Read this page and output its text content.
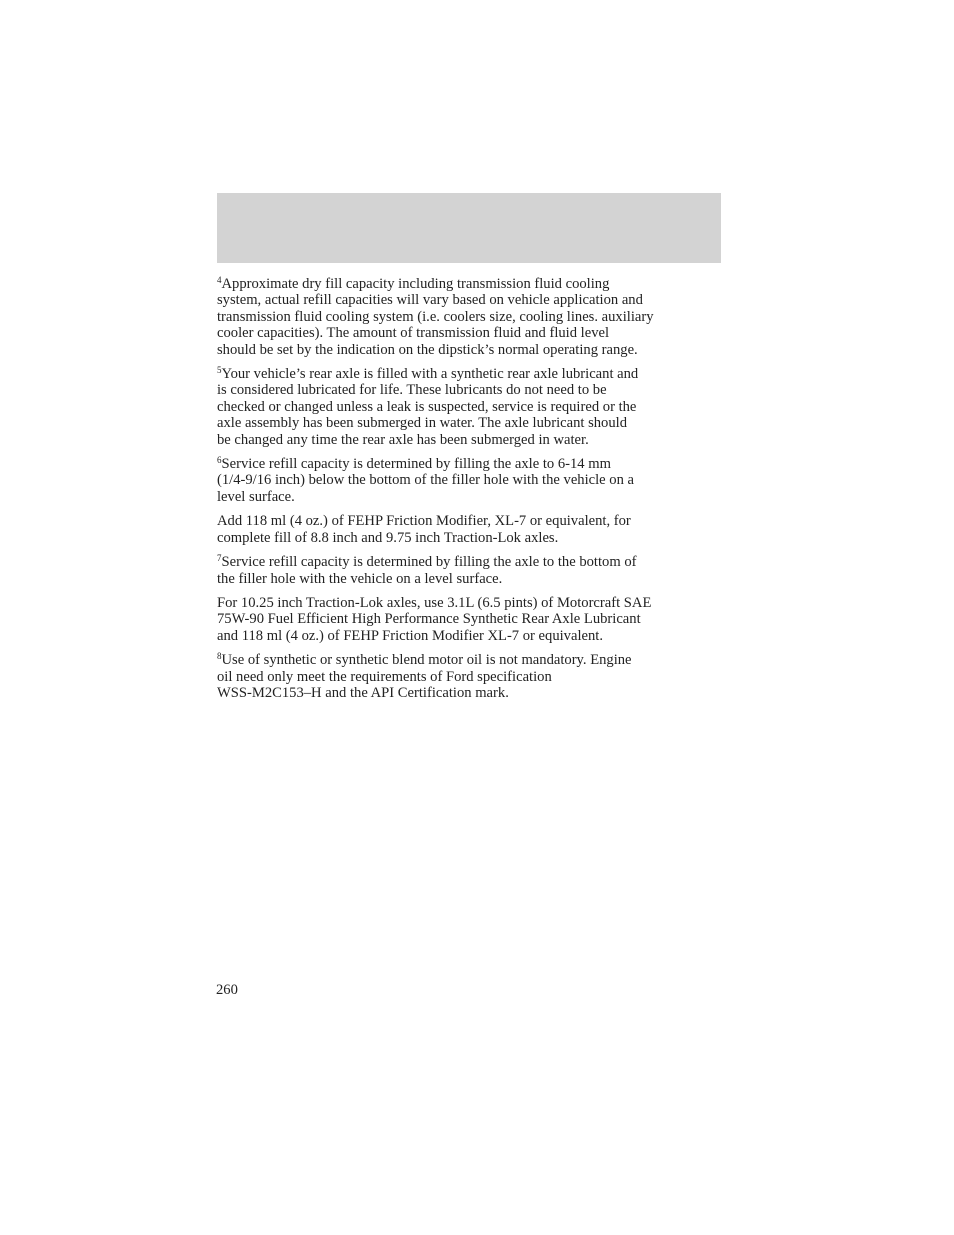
$^4$Approximate dry fill capacity including transmission fluid cooling
system, actual refill capacities will vary based on vehicle application and
transmission fluid cooling system (i.e. coolers size, cooling lines. auxiliary
cooler capacities). The amount of transmission fluid and fluid level
should be set by the indication on the dipstick’s normal operating range.

$^5$Your vehicle’s rear axle is filled with a synthetic rear axle lubricant and
is considered lubricated for life. These lubricants do not need to be
checked or changed unless a leak is suspected, service is required or the
axle assembly has been submerged in water. The axle lubricant should
be changed any time the rear axle has been submerged in water.

$^6$Service refill capacity is determined by filling the axle to 6-14 mm
(1/4-9/16 inch) below the bottom of the filler hole with the vehicle on a
level surface.

Add 118 ml (4 oz.) of FEHP Friction Modifier, XL-7 or equivalent, for
complete fill of 8.8 inch and 9.75 inch Traction-Lok axles.

$^7$Service refill capacity is determined by filling the axle to the bottom of
the filler hole with the vehicle on a level surface.

For 10.25 inch Traction-Lok axles, use 3.1L (6.5 pints) of Motorcraft SAE
75W-90 Fuel Efficient High Performance Synthetic Rear Axle Lubricant
and 118 ml (4 oz.) of FEHP Friction Modifier XL-7 or equivalent.

$^8$Use of synthetic or synthetic blend motor oil is not mandatory. Engine
oil need only meet the requirements of Ford specification
WSS-M2C153–H and the API Certification mark.

260
